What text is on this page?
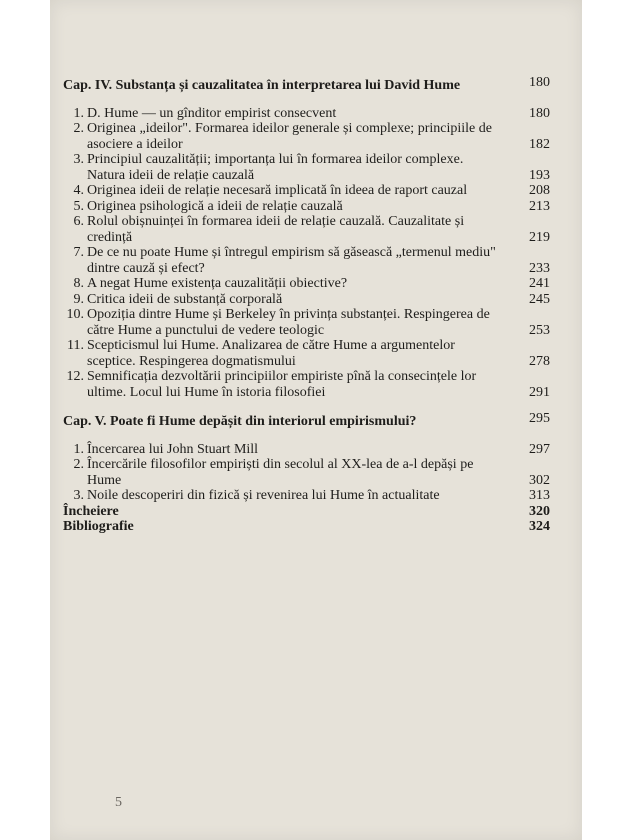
Cap. IV. Substanța și cauzalitatea în interpretarea lui David Hume	180
1. D. Hume — un gînditor empirist consecvent	180
2. Originea „ideilor". Formarea ideilor generale și complexe; principiile de asociere a ideilor	182
3. Principiul cauzalității; importanța lui în formarea ideilor complexe. Natura ideii de relație cauzală	193
4. Originea ideii de relație necesară implicată în ideea de raport cauzal	208
5. Originea psihologică a ideii de relație cauzală	213
6. Rolul obișnuinței în formarea ideii de relație cauzală. Cauzalitate și credință	219
7. De ce nu poate Hume și întregul empirism să găsească „termenul mediu" dintre cauză și efect?	233
8. A negat Hume existența cauzalității obiective?	241
9. Critica ideii de substanță corporală	245
10. Opoziția dintre Hume și Berkeley în privința substanței. Respingerea de către Hume a punctului de vedere teologic	253
11. Scepticismul lui Hume. Analizarea de către Hume a argumentelor sceptice. Respingerea dogmatismului	278
12. Semnificația dezvoltării principiilor empiriste pînă la consecințele lor ultime. Locul lui Hume în istoria filosofiei	291
Cap. V. Poate fi Hume depășit din interiorul empirismului?	295
1. Încercarea lui John Stuart Mill	297
2. Încercările filosofilor empiriști din secolul al XX-lea de a-l depăși pe Hume	302
3. Noile descoperiri din fizică și revenirea lui Hume în actualitate	313
Încheiere	320
Bibliografie	324
5
